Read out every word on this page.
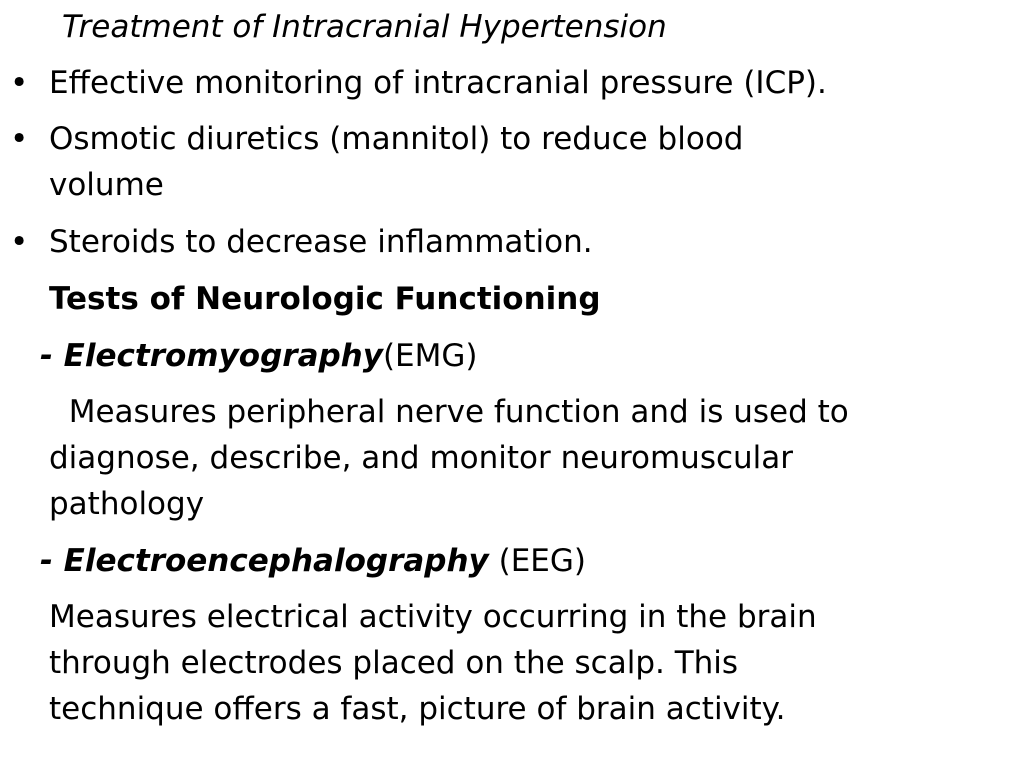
Treatment of Intracranial Hypertension
• Effective monitoring of intracranial pressure (ICP).
• Osmotic diuretics (mannitol) to reduce blood
volume
• Steroids to decrease inflammation.
Tests of Neurologic Functioning
- Electromyography(EMG)
Measures peripheral nerve function and is used to
diagnose, describe, and monitor neuromuscular
pathology
- Electroencephalography (EEG)
Measures electrical activity occurring in the brain
through electrodes placed on the scalp. This
technique offers a fast, picture of brain activity.
